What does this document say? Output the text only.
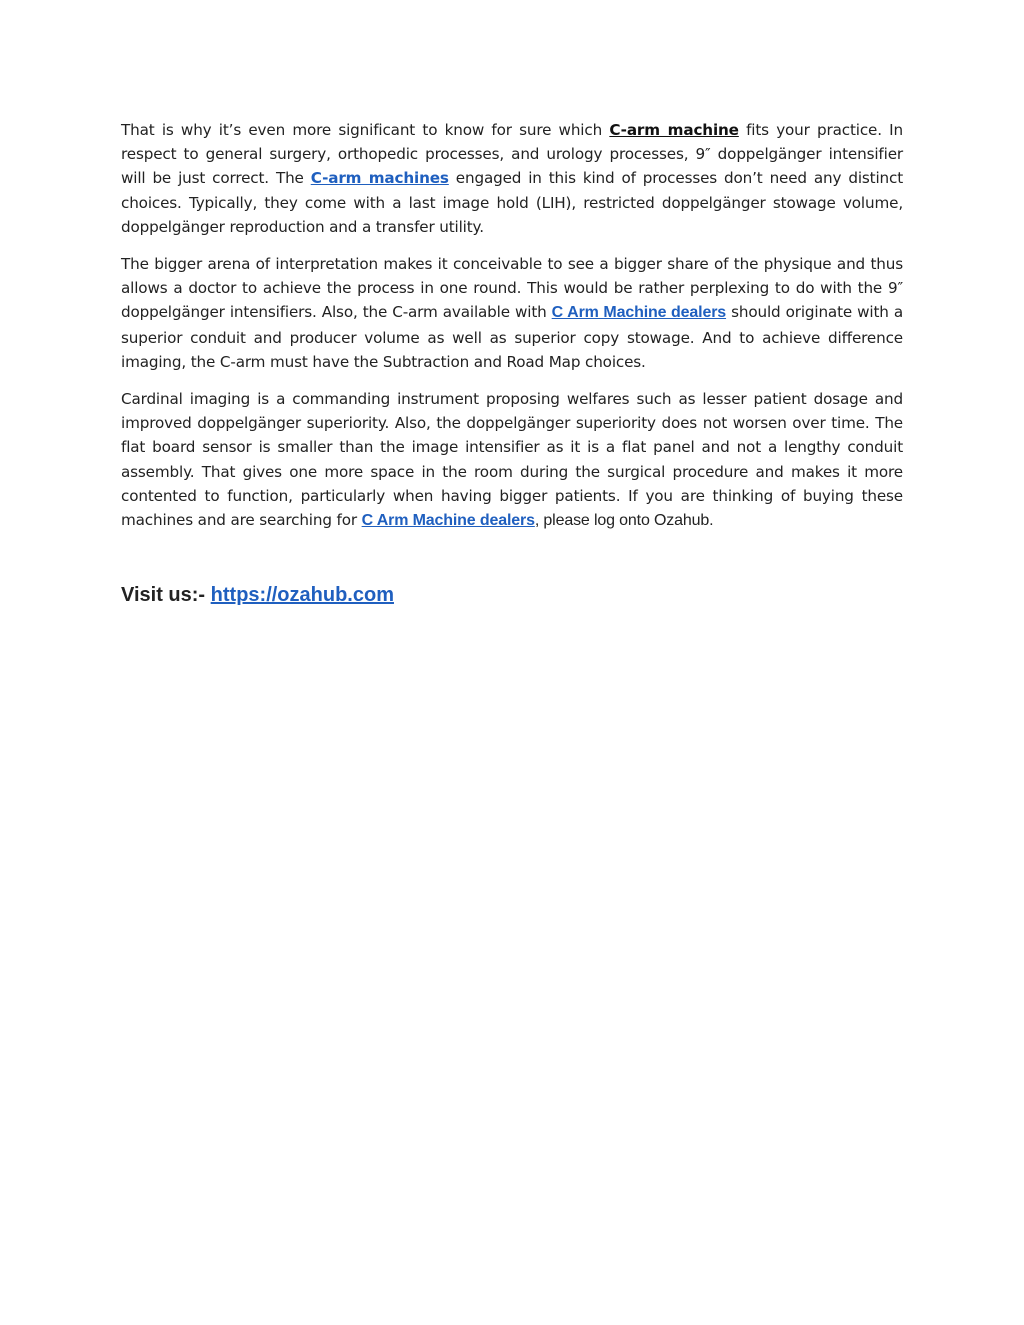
That is why it’s even more significant to know for sure which C-arm machine fits your practice. In respect to general surgery, orthopedic processes, and urology processes, 9″ doppelgänger intensifier will be just correct. The C-arm machines engaged in this kind of processes don’t need any distinct choices. Typically, they come with a last image hold (LIH), restricted doppelgänger stowage volume, doppelgänger reproduction and a transfer utility.

The bigger arena of interpretation makes it conceivable to see a bigger share of the physique and thus allows a doctor to achieve the process in one round. This would be rather perplexing to do with the 9″ doppelgänger intensifiers. Also, the C-arm available with C Arm Machine dealers should originate with a superior conduit and producer volume as well as superior copy stowage. And to achieve difference imaging, the C-arm must have the Subtraction and Road Map choices.

Cardinal imaging is a commanding instrument proposing welfares such as lesser patient dosage and improved doppelgänger superiority. Also, the doppelgänger superiority does not worsen over time. The flat board sensor is smaller than the image intensifier as it is a flat panel and not a lengthy conduit assembly. That gives one more space in the room during the surgical procedure and makes it more contented to function, particularly when having bigger patients. If you are thinking of buying these machines and are searching for C Arm Machine dealers, please log onto Ozahub.

Visit us:- https://ozahub.com
